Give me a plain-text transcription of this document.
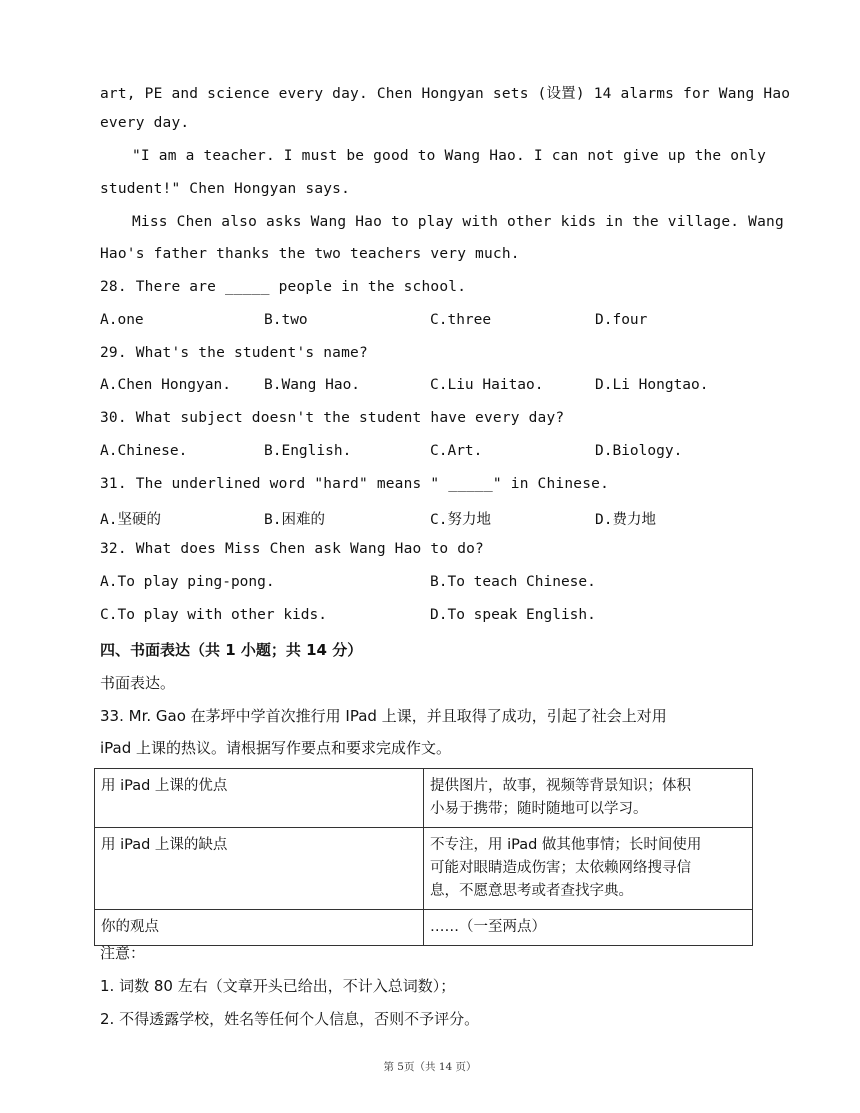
art, PE and science every day. Chen Hongyan sets (设置) 14 alarms for Wang Hao
every day.
"I am a teacher. I must be good to Wang Hao. I can not give up the only
student!" Chen Hongyan says.
Miss Chen also asks Wang Hao to play with other kids in the village. Wang
Hao's father thanks the two teachers very much.
28. There are _____ people in the school.
A.one	B.two	C.three	D.four
29. What's the student's name?
A.Chen Hongyan. B.Wang Hao.	C.Liu Haitao.	D.Li Hongtao.
30. What subject doesn't the student have every day?
A.Chinese.	B.English.	C.Art.	D.Biology.
31. The underlined word "hard" means " _____" in Chinese.
A.坚硬的	B.困难的	C.努力地	D.费力地
32. What does Miss Chen ask Wang Hao to do?
A.To play ping-pong.	B.To teach Chinese.
C.To play with other kids.	D.To speak English.
四、书面表达（共 1 小题；共 14 分）
书面表达。
33. Mr. Gao 在茅坪中学首次推行用 IPad 上课，并且取得了成功，引起了社会上对用
iPad 上课的热议。请根据写作要点和要求完成作文。
用 iPad 上课的优点	提供图片，故事，视频等背景知识；体积
小易于携带；随时随地可以学习。

用 iPad 上课的缺点	不专注，用 iPad 做其他事情；长时间使用
可能对眼睛造成伤害；太依赖网络搜寻信
息，不愿意思考或者查找字典。

你的观点	……（一至两点）
注意：
1. 词数 80 左右（文章开头已给出，不计入总词数）；
2. 不得透露学校，姓名等任何个人信息，否则不予评分。
第 5页（共 14 页）
